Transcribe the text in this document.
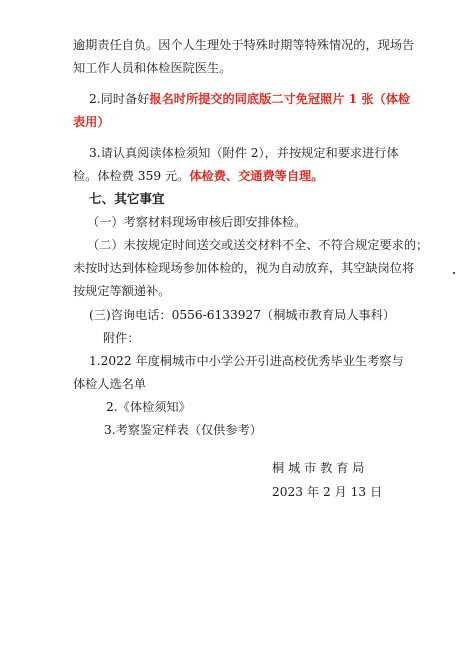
逾期责任自负。因个人生理处于特殊时期等特殊情况的，现场告
知工作人员和体检医院医生。
2.同时备好报名时所提交的同底版二寸免冠照片 1 张（体检
表用）
3.请认真阅读体检须知（附件 2），并按规定和要求进行体
检。体检费 359 元。体检费、交通费等自理。
七、其它事宜
（一）考察材料现场审核后即安排体检。
（二）未按规定时间送交或送交材料不全、不符合规定要求的；
未按时达到体检现场参加体检的，视为自动放弃，其空缺岗位将
按规定等额递补。
(三)咨询电话：0556-6133927（桐城市教育局人事科）
附件：
1.2022 年度桐城市中小学公开引进高校优秀毕业生考察与
体检人选名单
2.《体检须知》
3.考察鉴定样表（仅供参考）
桐 城 市 教 育 局
2023 年 2 月 13 日
